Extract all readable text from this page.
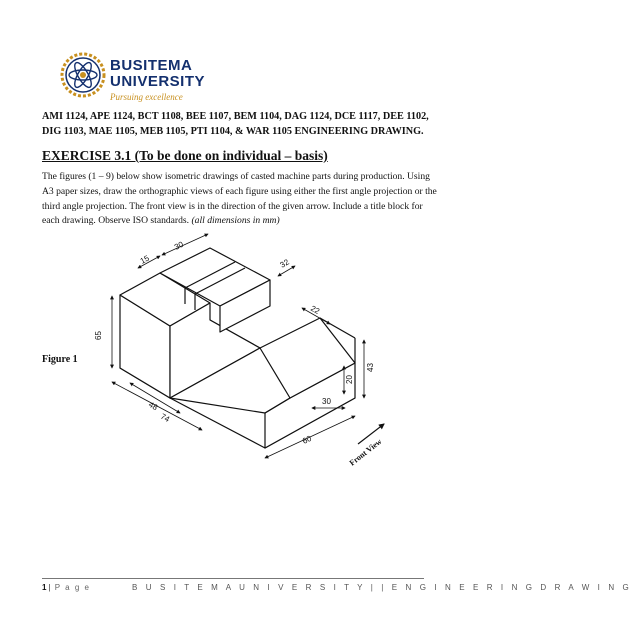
BUSITEMA
UNIVERSITY
Pursuing excellence
AMI 1124, APE 1124, BCT 1108, BEE 1107, BEM 1104, DAG 1124, DCE 1117, DEE 1102, DIG 1103, MAE 1105, MEB 1105, PTI 1104, & WAR 1105 ENGINEERING DRAWING.
EXERCISE 3.1 (To be done on individual – basis)
The figures (1 – 9) below show isometric drawings of casted machine parts during production. Using A3 paper sizes, draw the orthographic views of each figure using either the first angle projection or the third angle projection. The front view is in the direction of the given arrow. Include a title block for each drawing. Observe ISO standards. (all dimensions in mm)
Figure 1
15
30
32
22
65
48
74
20
43
30
60	Front View
1 | P a g e	B U S I T E M A U N I V E R S I T Y | | E N G I N E E R I N G D R A W I N G
